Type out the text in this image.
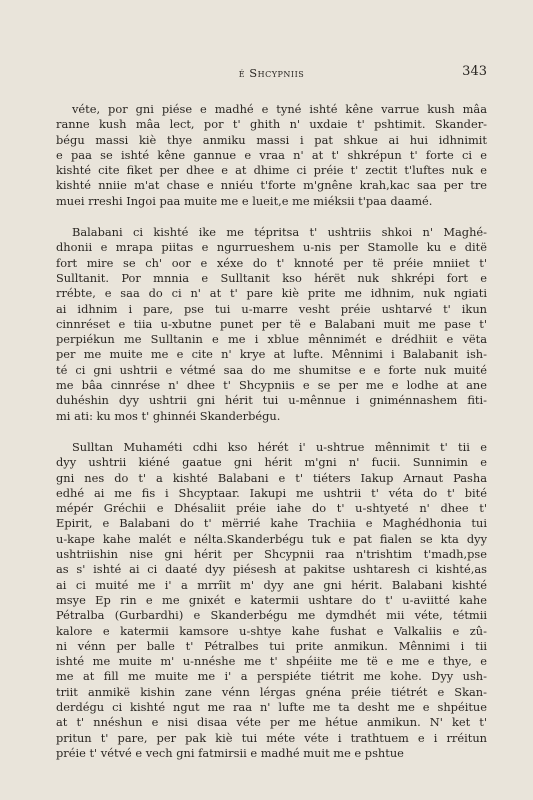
é Shcypniis	343
véte, por gni piése e madhé e tyné ishté kêne varrue kush mâa
ranne kush mâa lect, por t' ghith n' uxdaie t' pshtimit. Skander-
bégu massi kiè thye anmiku massi i pat shkue ai hui idhnimit
e paa se ishté kêne gannue e vraa n' at t' shkrépun t' forte ci e
kishté cite fiket per dhee e at dhime ci préie t' zectit t'luftes nuk e
kishté nniie m'at chase e nniéu t'forte m'gnêne krah,kac saa per tre
muei rreshi Ingoi paa muite me e lueit,e me miéksii t'paa daamé.
Balabani ci kishté ike me tépritsa t' ushtriis shkoi n' Maghé-
dhonii e mrapa piitas e ngurrueshem u-nis per Stamolle ku e ditë
fort mire se ch' oor e xéxe do t' knnoté per të préie mniiet t'
Sulltanit. Por mnnia e Sulltanit kso hérët nuk shkrépi fort e
rrébte, e saa do ci n' at t' pare kiè prite me idhnim, nuk ngiati
ai idhnim i pare, pse tui u-marre vesht préie ushtarvé t' ikun
cinnréset e tiia u-xbutne punet per të e Balabani muit me pase t'
perpiékun me Sulltanin e me i xblue mênnimét e drédhiit e vëta
per me muite me e cite n' krye at lufte. Mênnimi i Balabanit ish-
té ci gni ushtrii e vétmé saa do me shumitse e e forte nuk muité
me bâa cinnrése n' dhee t' Shcypniis e se per me e lodhe at ane
duhéshin dyy ushtrii gni hérit tui u-mênnue i gniménnashem fiti-
mi ati: ku mos t' ghinnéi Skanderbégu.
Sulltan Muhaméti cdhi kso hérét i' u-shtrue mênnimit t' tii e
dyy ushtrii kiéné gaatue gni hérit m'gni n' fucii. Sunnimin e
gni nes do t' a kishté Balabani e t' tiéters Iakup Arnaut Pasha
edhé ai me fis i Shcyptaar. Iakupi me ushtrii t' véta do t' bité
mépér Gréchii e Dhésaliit préie iahe do t' u-shtyeté n' dhee t'
Epirit, e Balabani do t' mërrié kahe Trachiia e Maghédhonia tui
u-kape kahe malét e nélta.Skanderbégu tuk e pat fialen se kta dyy
ushtriishin nise gni hérit per Shcypnii raa n'trishtim t'madh,pse
as s' ishté ai ci daaté dyy piésesh at pakitse ushtaresh ci kishté,as
ai ci muité me i' a mrrîit m' dyy ane gni hérit. Balabani kishté
msye Ep rin e me gnixét e katermii ushtare do t' u-aviitté kahe
Pétralba (Gurbardhi) e Skanderbégu me dymdhét mii véte, tétmii
kalore e katermii kamsore u-shtye kahe fushat e Valkaliis e zû-
ni vénn per balle t' Pétralbes tui prite anmikun. Mênnimi i tii
ishté me muite m' u-nnéshe me t' shpéiite me të e me e thye, e
me at fill me muite me i' a perspiéte tiétrit me kohe. Dyy ush-
triit anmikë kishin zane vénn lérgas gnéna préie tiétrét e Skan-
derdégu ci kishté ngut me raa n' lufte me ta desht me e shpéitue
at t' nnéshun e nisi disaa véte per me hétue anmikun. N' ket t'
pritun t' pare, per pak kiè tui méte véte i trathtuem e i rréitun
préie t' vétvé e vech gni fatmirsii e madhé muit me e pshtue
